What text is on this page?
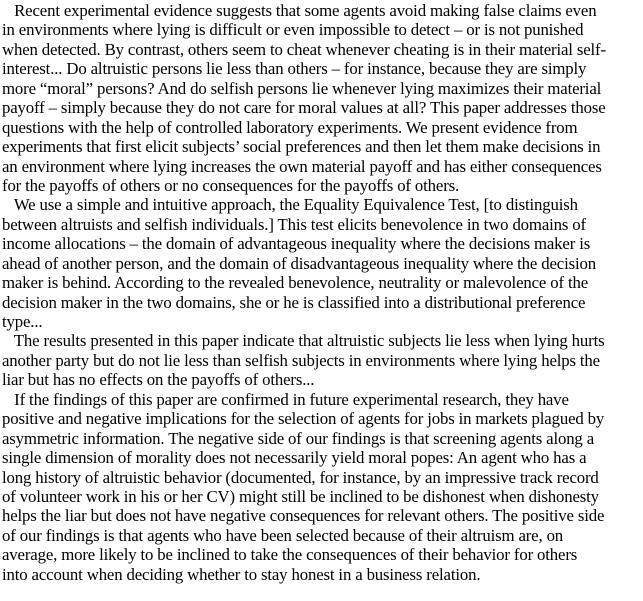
Recent experimental evidence suggests that some agents avoid making false claims even
in environments where lying is difficult or even impossible to detect – or is not punished
when detected. By contrast, others seem to cheat whenever cheating is in their material self-
interest... Do altruistic persons lie less than others – for instance, because they are simply
more “moral” persons? And do selfish persons lie whenever lying maximizes their material
payoff – simply because they do not care for moral values at all? This paper addresses those
questions with the help of controlled laboratory experiments. We present evidence from
experiments that first elicit subjects’ social preferences and then let them make decisions in
an environment where lying increases the own material payoff and has either consequences
for the payoffs of others or no consequences for the payoffs of others.
We use a simple and intuitive approach, the Equality Equivalence Test, [to distinguish
between altruists and selfish individuals.] This test elicits benevolence in two domains of
income allocations – the domain of advantageous inequality where the decisions maker is
ahead of another person, and the domain of disadvantageous inequality where the decision
maker is behind. According to the revealed benevolence, neutrality or malevolence of the
decision maker in the two domains, she or he is classified into a distributional preference
type...
The results presented in this paper indicate that altruistic subjects lie less when lying hurts
another party but do not lie less than selfish subjects in environments where lying helps the
liar but has no effects on the payoffs of others...
If the findings of this paper are confirmed in future experimental research, they have
positive and negative implications for the selection of agents for jobs in markets plagued by
asymmetric information. The negative side of our findings is that screening agents along a
single dimension of morality does not necessarily yield moral popes: An agent who has a
long history of altruistic behavior (documented, for instance, by an impressive track record
of volunteer work in his or her CV) might still be inclined to be dishonest when dishonesty
helps the liar but does not have negative consequences for relevant others. The positive side
of our findings is that agents who have been selected because of their altruism are, on
average, more likely to be inclined to take the consequences of their behavior for others
into account when deciding whether to stay honest in a business relation.
